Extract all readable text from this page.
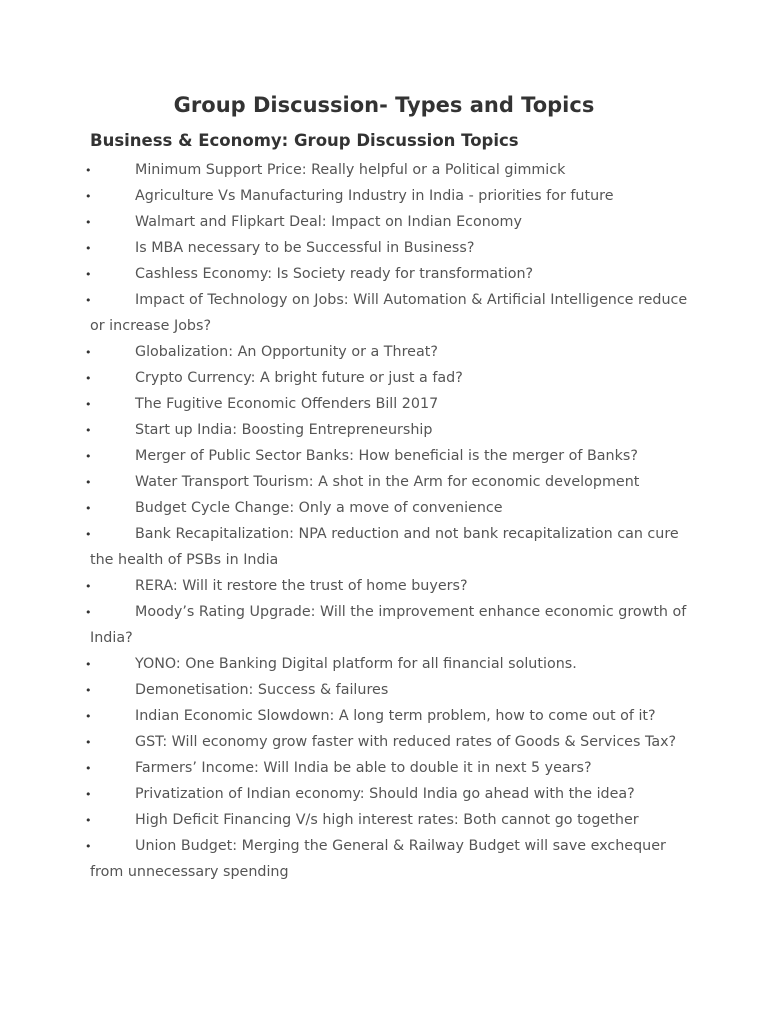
Group Discussion- Types and Topics
Business & Economy: Group Discussion Topics
•	Minimum Support Price: Really helpful or a Political gimmick
•	Agriculture Vs Manufacturing Industry in India - priorities for future
•	Walmart and Flipkart Deal: Impact on Indian Economy
•	Is MBA necessary to be Successful in Business?
•	Cashless Economy: Is Society ready for transformation?
•	Impact of Technology on Jobs: Will Automation & Artificial Intelligence reduce or increase Jobs?
•	Globalization: An Opportunity or a Threat?
•	Crypto Currency: A bright future or just a fad?
•	The Fugitive Economic Offenders Bill 2017
•	Start up India: Boosting Entrepreneurship
•	Merger of Public Sector Banks: How beneficial is the merger of Banks?
•	Water Transport Tourism: A shot in the Arm for economic development
•	Budget Cycle Change: Only a move of convenience
•	Bank Recapitalization: NPA reduction and not bank recapitalization can cure the health of PSBs in India
•	RERA: Will it restore the trust of home buyers?
•	Moody’s Rating Upgrade: Will the improvement enhance economic growth of India?
•	YONO: One Banking Digital platform for all financial solutions.
•	Demonetisation: Success & failures
•	Indian Economic Slowdown: A long term problem, how to come out of it?
•	GST: Will economy grow faster with reduced rates of Goods & Services Tax?
•	Farmers’ Income: Will India be able to double it in next 5 years?
•	Privatization of Indian economy: Should India go ahead with the idea?
•	High Deficit Financing V/s high interest rates: Both cannot go together
•	Union Budget: Merging the General & Railway Budget will save exchequer from unnecessary spending
